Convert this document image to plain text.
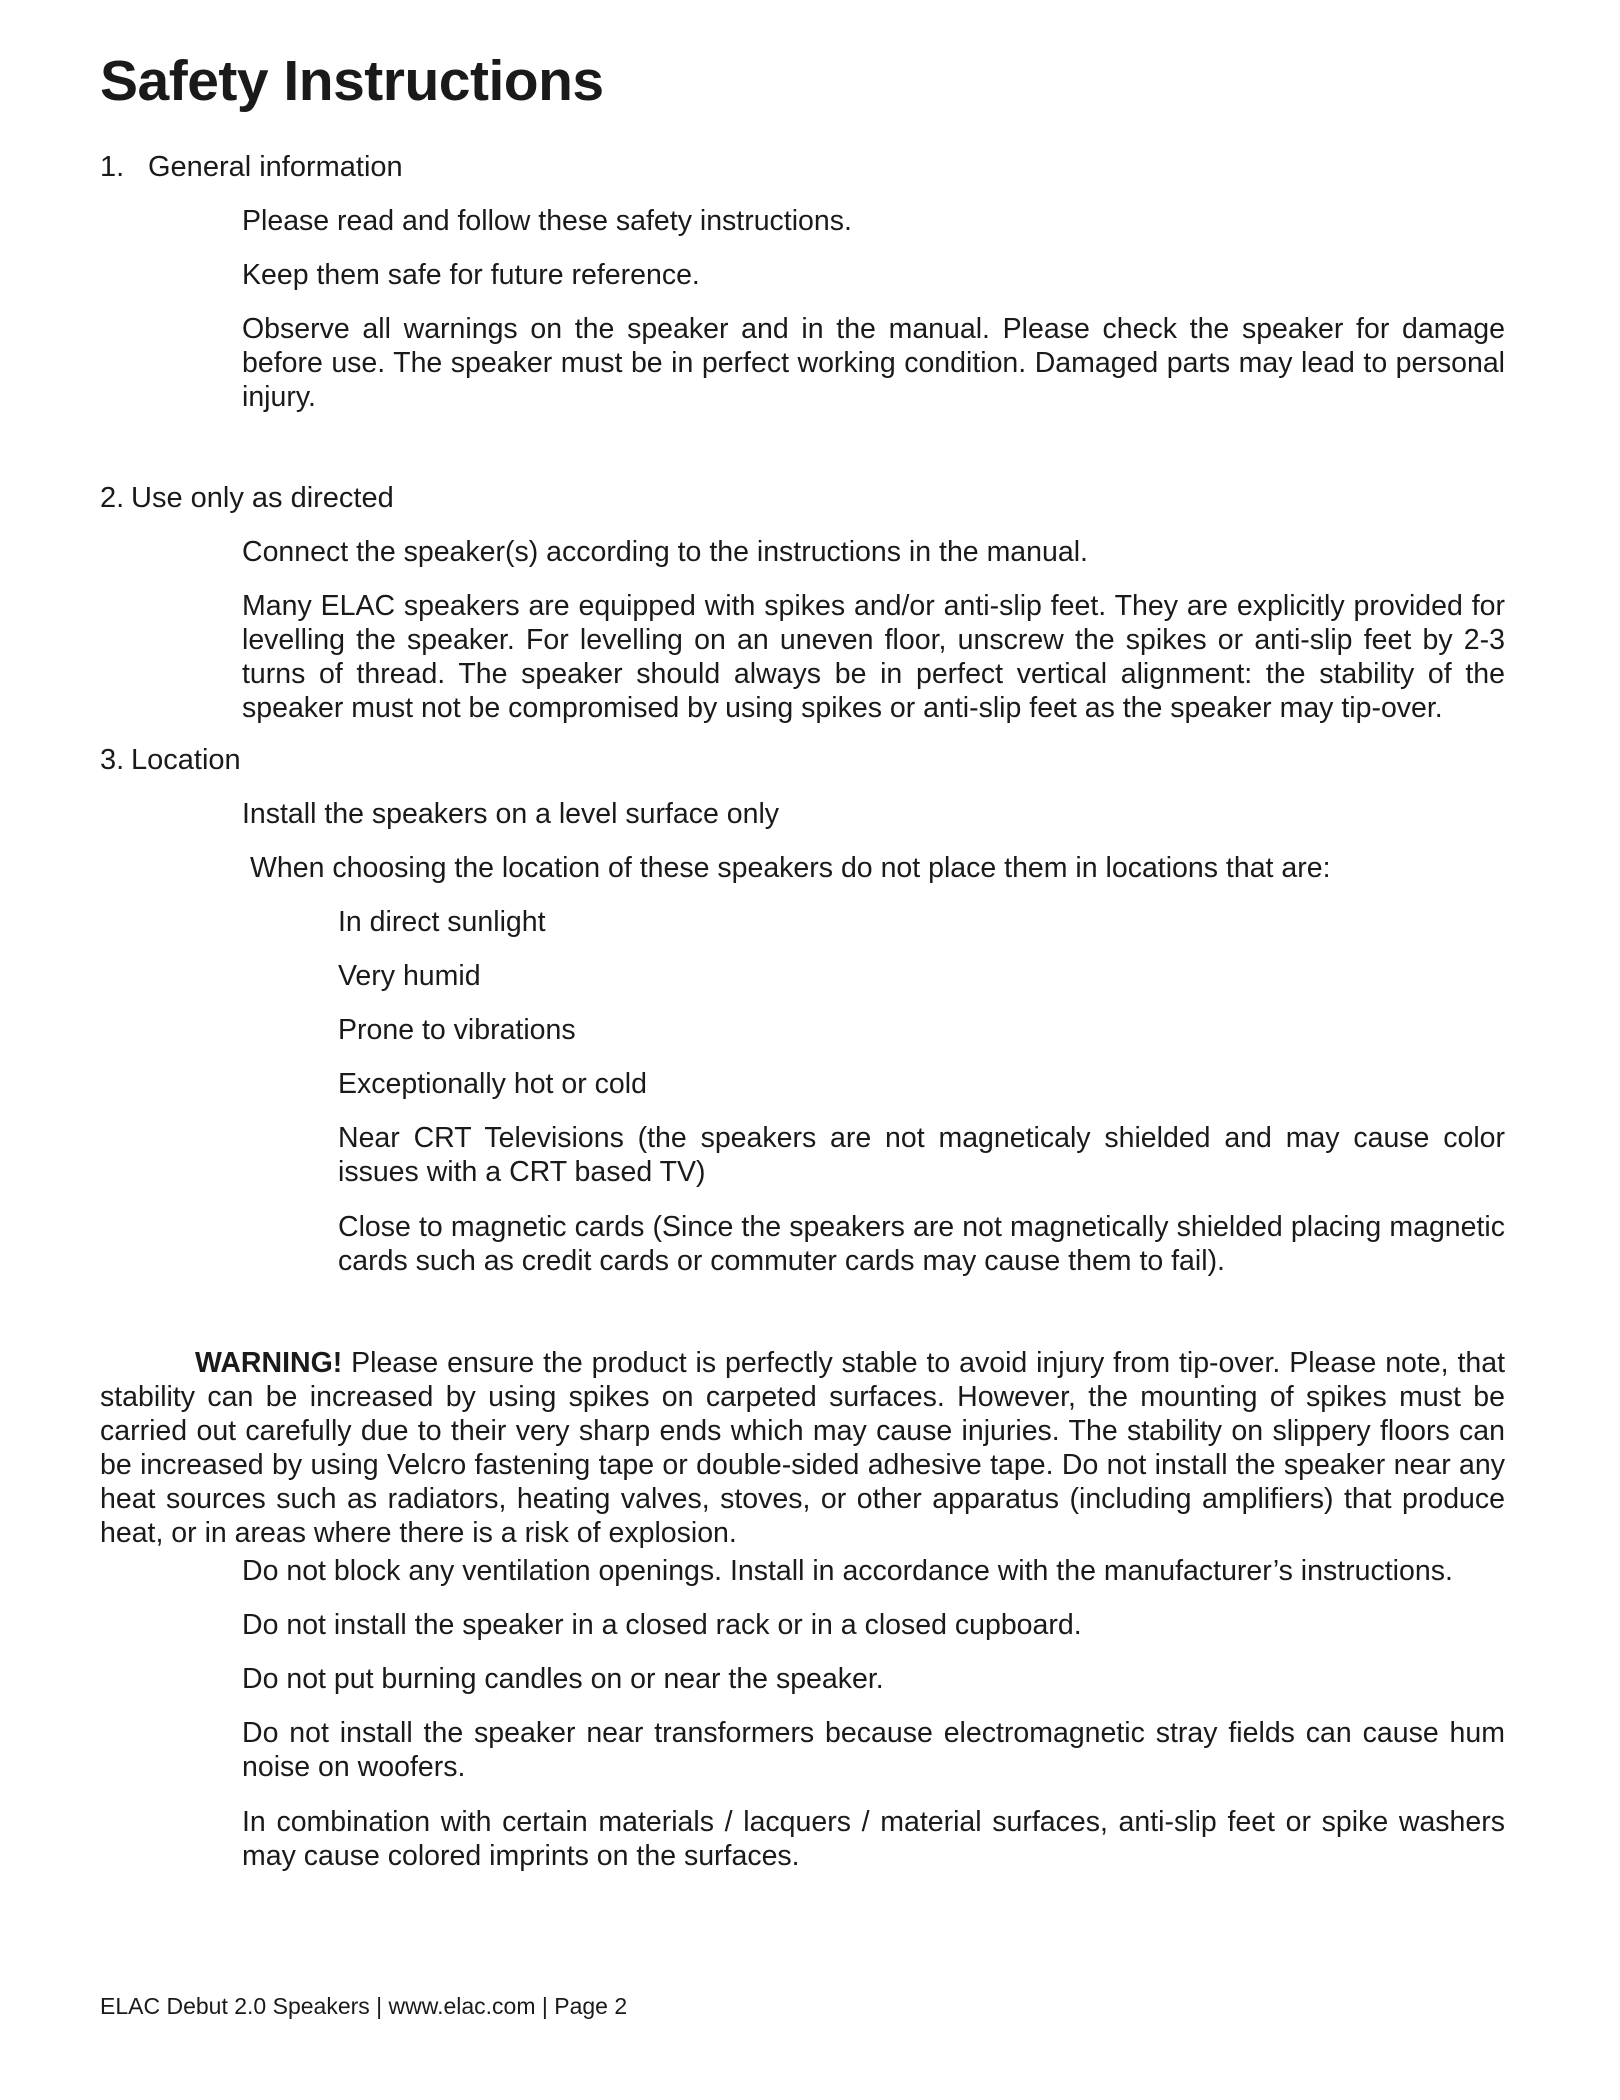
Safety Instructions
1. General information

Please read and follow these safety instructions.

Keep them safe for future reference.

Observe all warnings on the speaker and in the manual. Please check the speaker for damage before use. The speaker must be in perfect working condition. Damaged parts may lead to personal injury.

2. Use only as directed

Connect the speaker(s) according to the instructions in the manual.

Many ELAC speakers are equipped with spikes and/or anti-slip feet. They are explicitly provided for levelling the speaker. For levelling on an uneven floor, unscrew the spikes or anti-slip feet by 2-3 turns of thread. The speaker should always be in perfect vertical alignment: the stability of the speaker must not be compromised by using spikes or anti-slip feet as the speaker may tip-over.

3. Location

Install the speakers on a level surface only

When choosing the location of these speakers do not place them in locations that are:

In direct sunlight

Very humid

Prone to vibrations

Exceptionally hot or cold

Near CRT Televisions (the speakers are not magneticaly shielded and may cause color issues with a CRT based TV)

Close to magnetic cards (Since the speakers are not magnetically shielded placing magnetic cards such as credit cards or commuter cards may cause them to fail).

WARNING! Please ensure the product is perfectly stable to avoid injury from tip-over. Please note, that stability can be increased by using spikes on carpeted surfaces. However, the mounting of spikes must be carried out carefully due to their very sharp ends which may cause injuries. The stability on slippery floors can be increased by using Velcro fastening tape or double-sided adhesive tape. Do not install the speaker near any heat sources such as radiators, heating valves, stoves, or other apparatus (including amplifiers) that produce heat, or in areas where there is a risk of explosion.

Do not block any ventilation openings. Install in accordance with the manufacturer’s instructions.

Do not install the speaker in a closed rack or in a closed cupboard.

Do not put burning candles on or near the speaker.

Do not install the speaker near transformers because electromagnetic stray fields can cause hum noise on woofers.

In combination with certain materials / lacquers / material surfaces, anti-slip feet or spike washers may cause colored imprints on the surfaces.

ELAC Debut 2.0 Speakers | www.elac.com | Page 2
